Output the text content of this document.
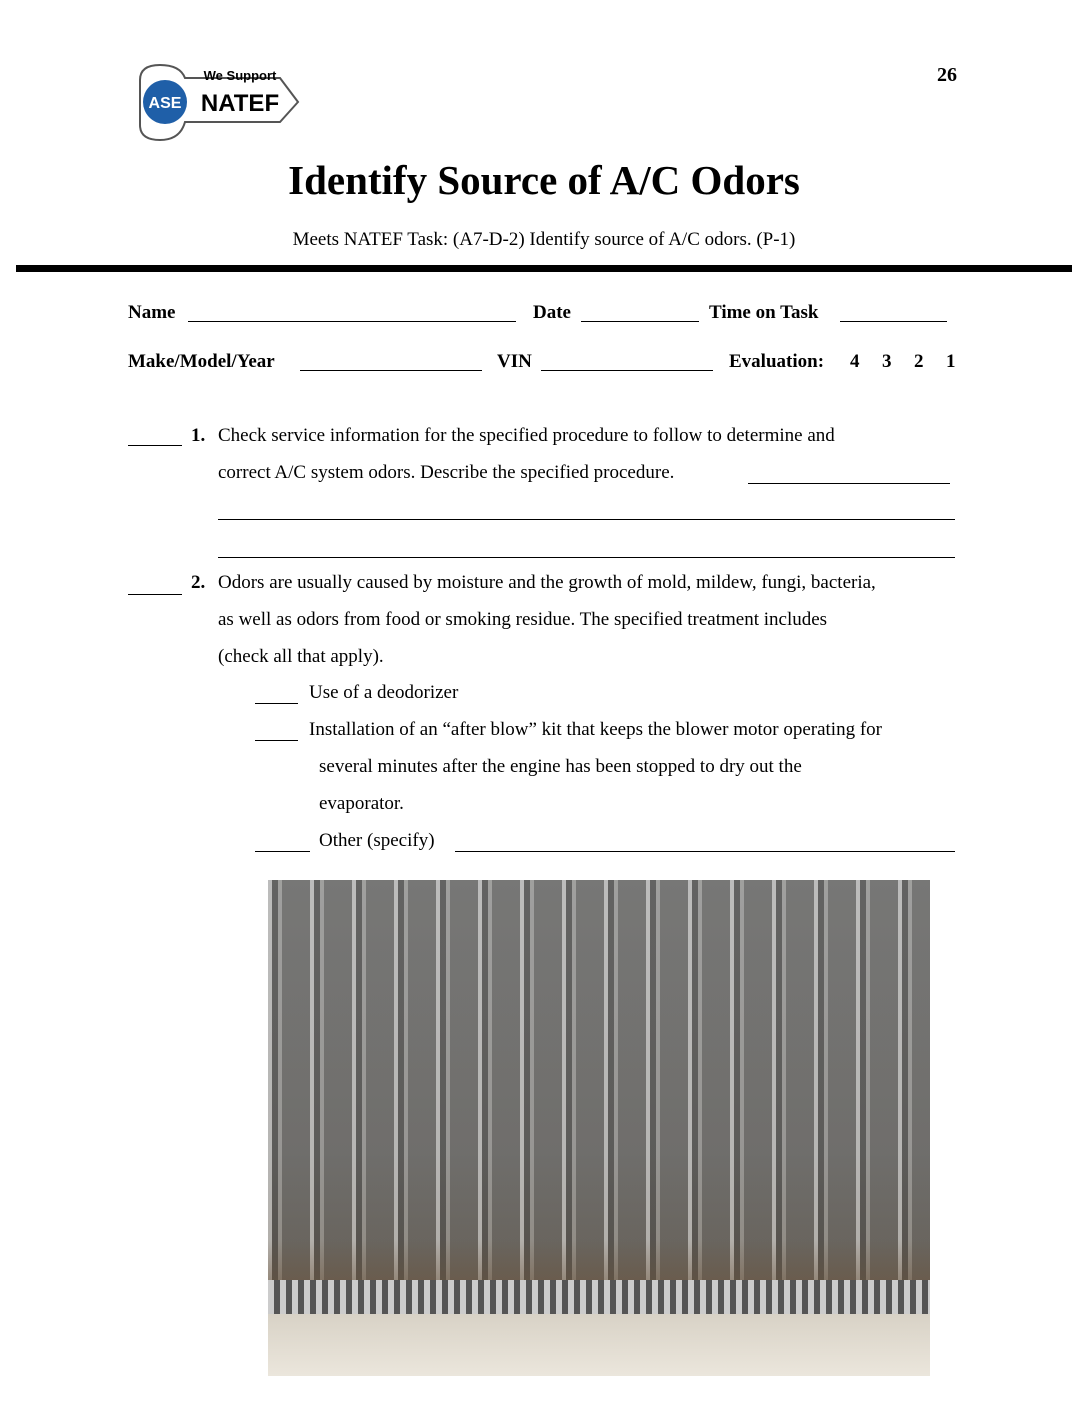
ASE
We Support
NATEF
26
Identify Source of A/C Odors
Meets NATEF Task: (A7-D-2) Identify source of A/C odors. (P-1)
Name	Date	Time on Task
Make/Model/Year	VIN	Evaluation: 4 3 2 1
1. Check service information for the specified procedure to follow to determine and
correct A/C system odors. Describe the specified procedure.
2. Odors are usually caused by moisture and the growth of mold, mildew, fungi, bacteria,
as well as odors from food or smoking residue. The specified treatment includes
(check all that apply).
Use of a deodorizer
Installation of an “after blow” kit that keeps the blower motor operating for
several minutes after the engine has been stopped to dry out the
evaporator.
Other (specify)
